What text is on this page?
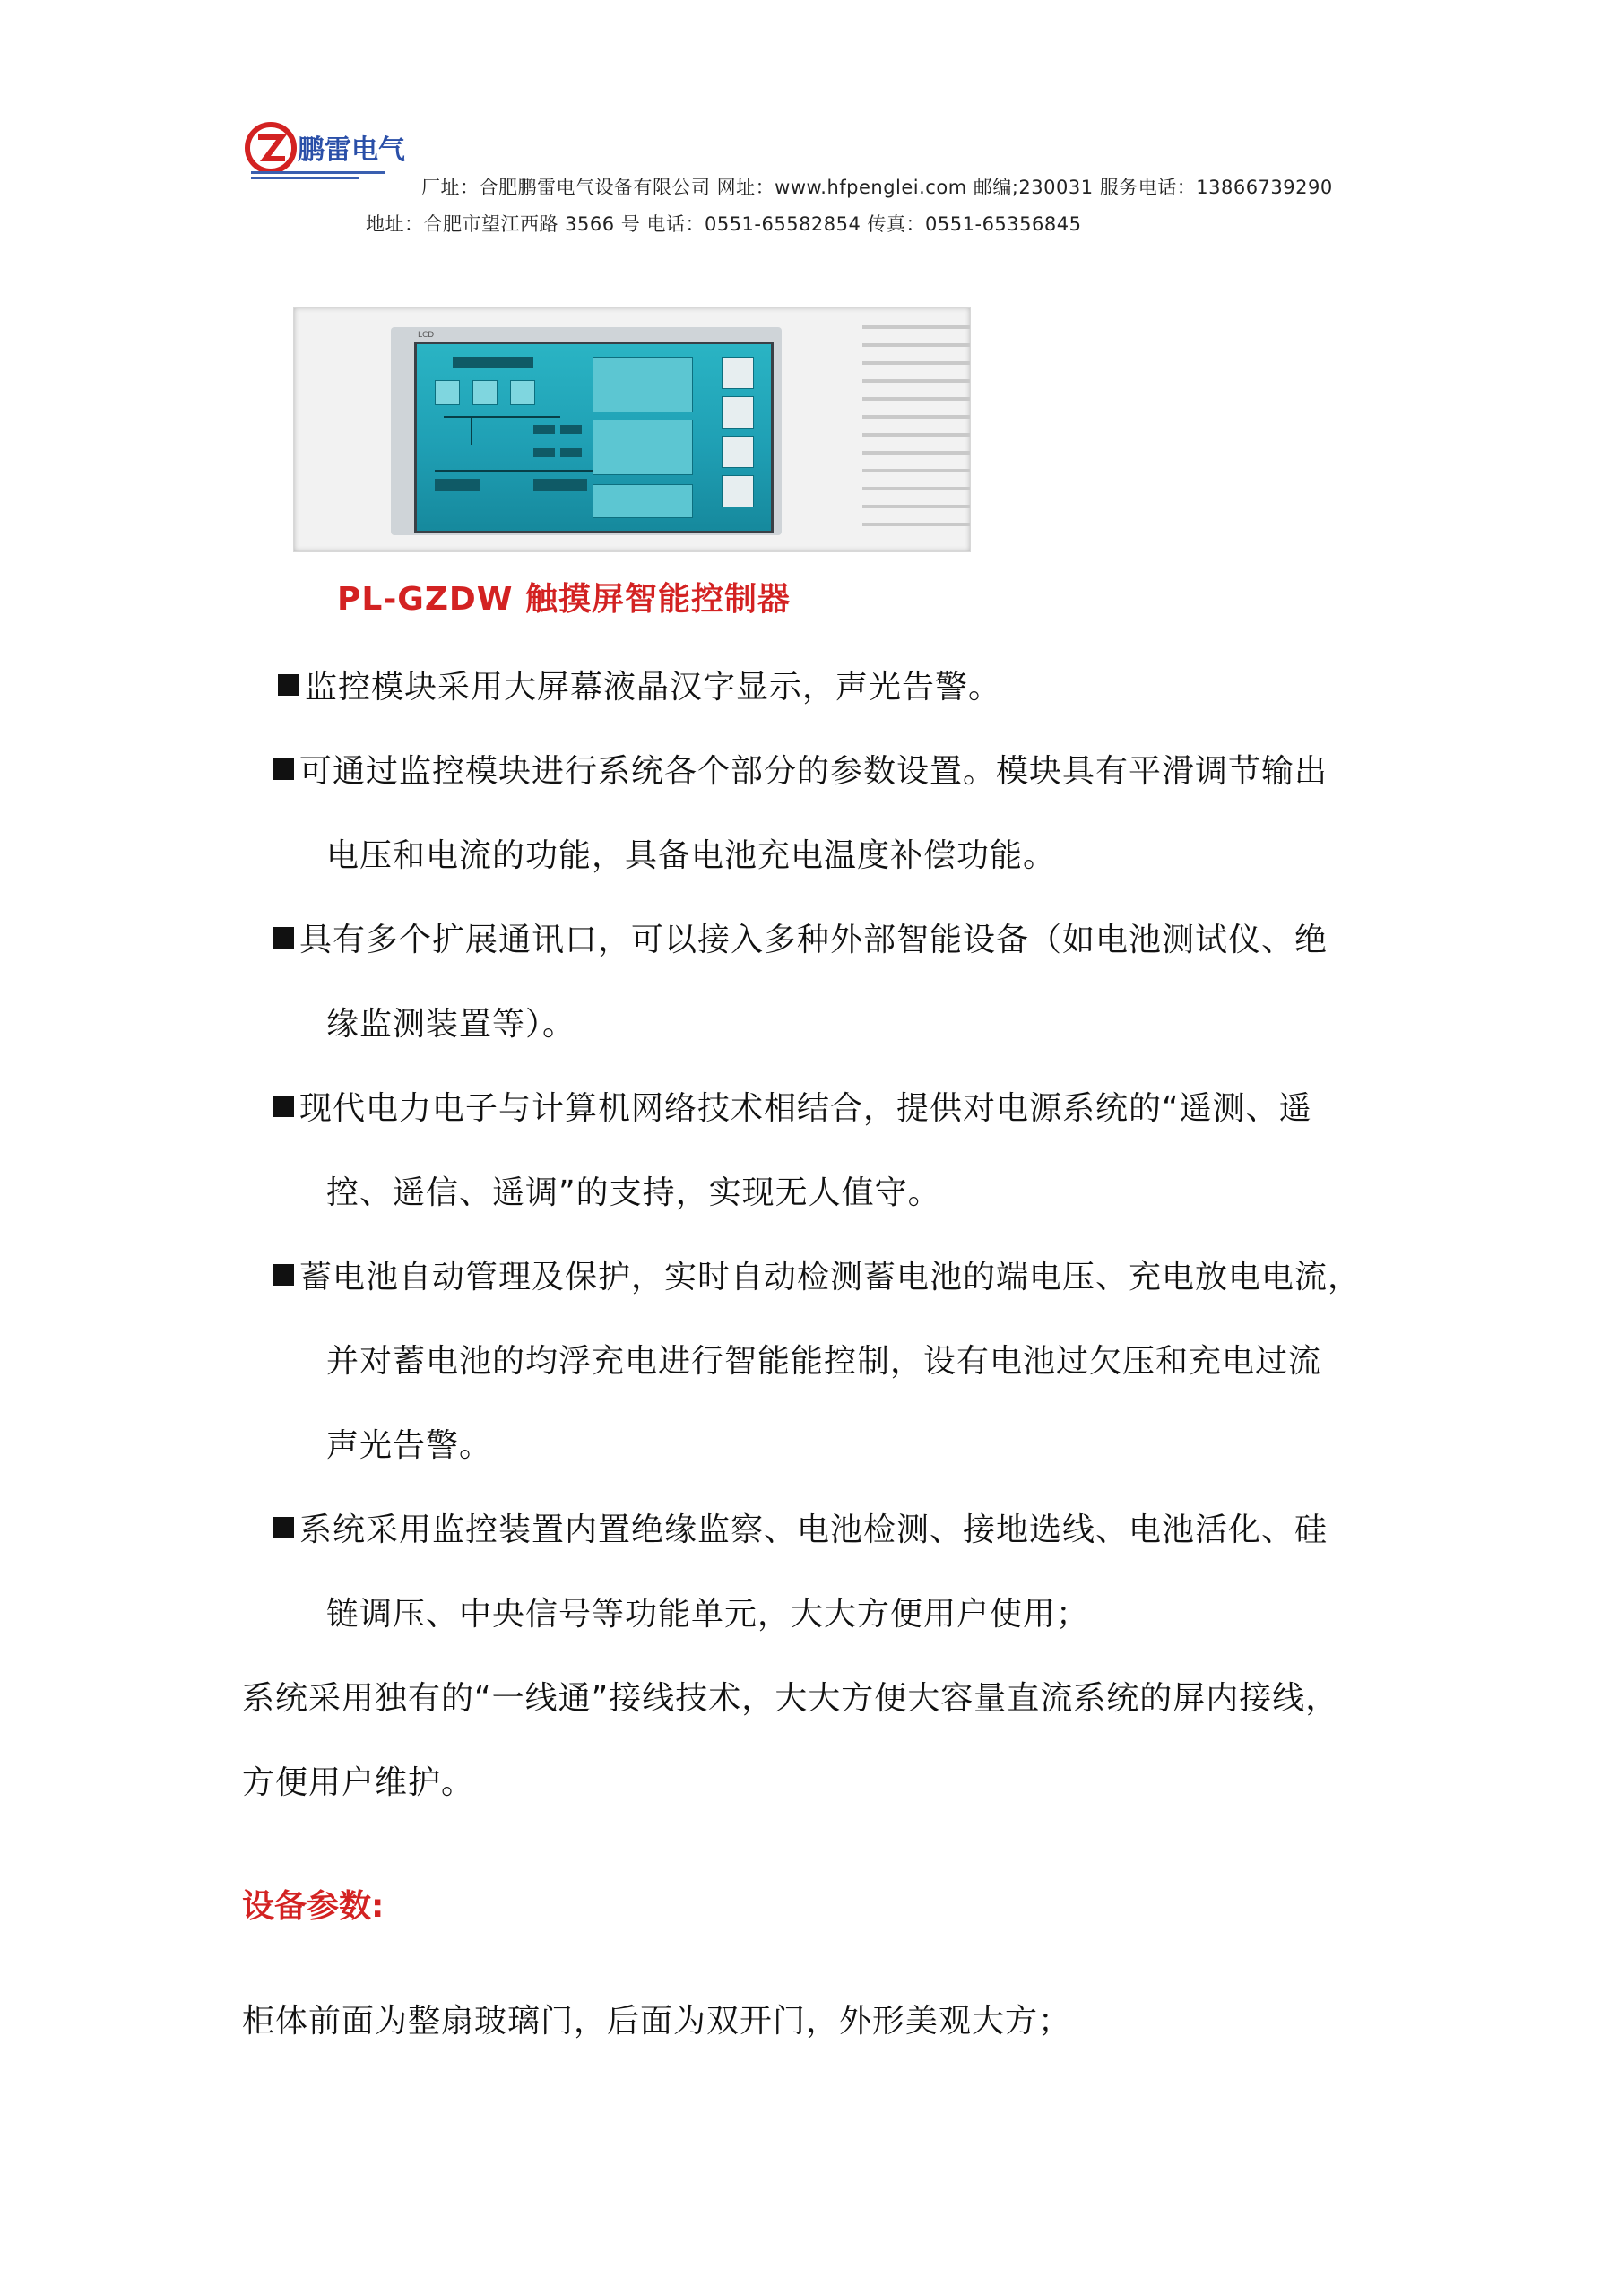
鹏雷电气
厂址：合肥鹏雷电气设备有限公司 网址：www.hfpenglei.com 邮编;230031 服务电话：13866739290
地址：合肥市望江西路 3566 号 电话：0551-65582854 传真：0551-65356845
LCD
PL-GZDW 触摸屏智能控制器
监控模块采用大屏幕液晶汉字显示，声光告警。
可通过监控模块进行系统各个部分的参数设置。模块具有平滑调节输出
电压和电流的功能，具备电池充电温度补偿功能。
具有多个扩展通讯口，可以接入多种外部智能设备（如电池测试仪、绝
缘监测装置等）。
现代电力电子与计算机网络技术相结合，提供对电源系统的“遥测、遥
控、遥信、遥调”的支持，实现无人值守。
蓄电池自动管理及保护，实时自动检测蓄电池的端电压、充电放电电流，
并对蓄电池的均浮充电进行智能能控制，设有电池过欠压和充电过流
声光告警。
系统采用监控装置内置绝缘监察、电池检测、接地选线、电池活化、硅
链调压、中央信号等功能单元，大大方便用户使用；
系统采用独有的“一线通”接线技术，大大方便大容量直流系统的屏内接线，
方便用户维护。
设备参数:
柜体前面为整扇玻璃门，后面为双开门，外形美观大方；
